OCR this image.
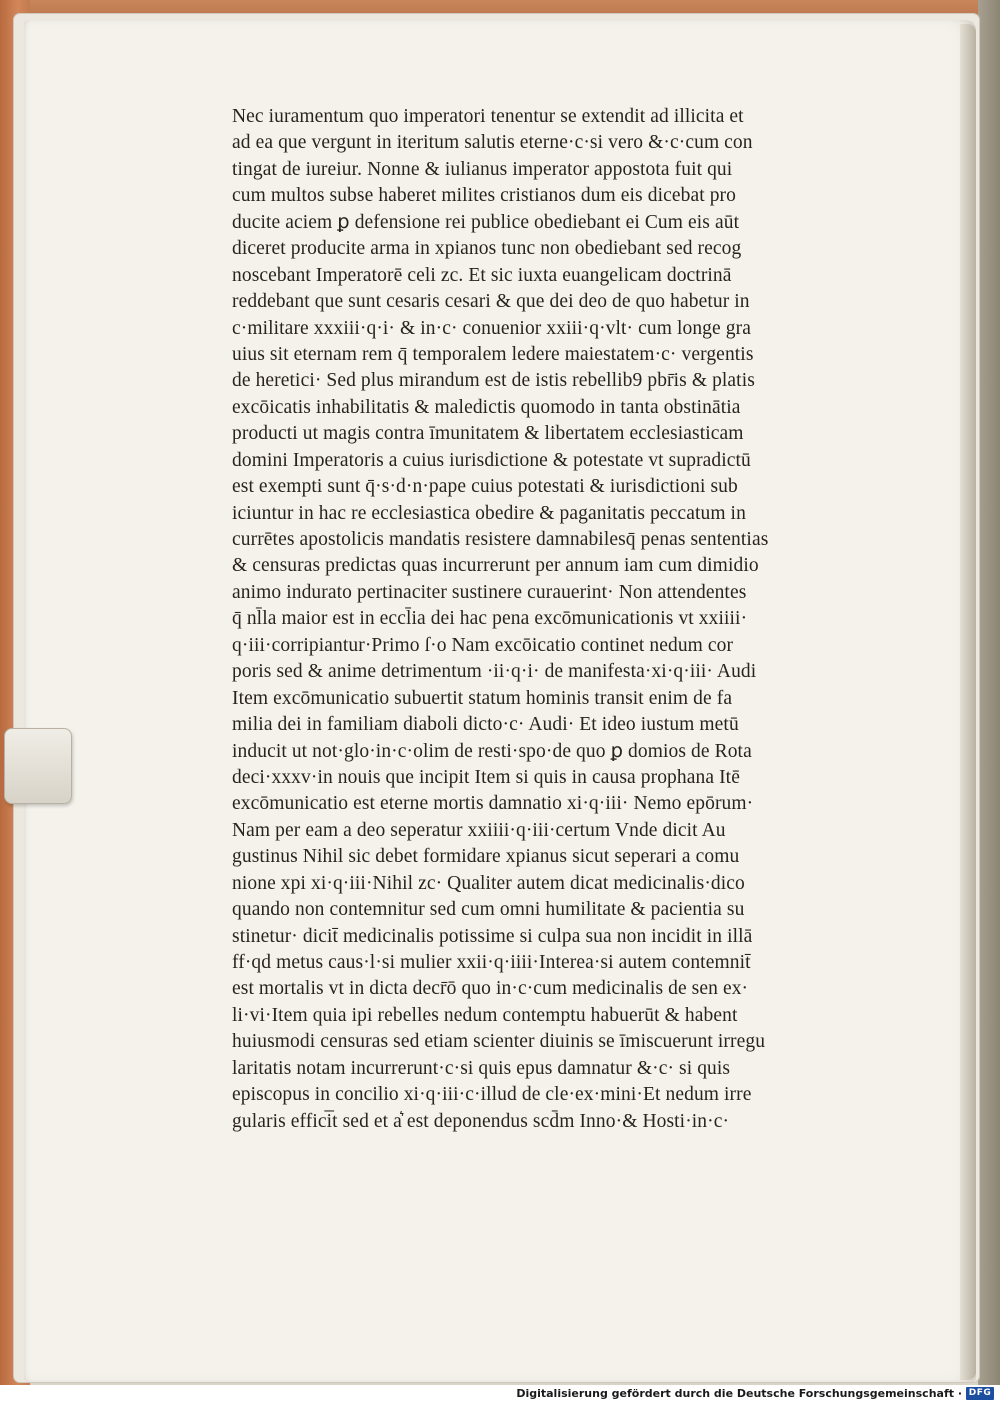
Nec iuramentum quo imperatori tenentur se extendit ad illicita et
ad ea que vergunt in iteritum salutis eterne·c·si vero &·c·cum con
tingat de iureiur. Nonne & iulianus imperator appostota fuit qui
cum multos subse haberet milites cristianos dum eis dicebat pro
ducite aciem ꝑ defensione rei publice obediebant ei Cum eis aūt
diceret producite arma in xpianos tunc non obediebant sed recog
noscebant Imperatorē celi zc. Et sic iuxta euangelicam doctrinā
reddebant que sunt cesaris cesari & que dei deo de quo habetur in
c·militare xxxiii·q·i· & in·c· conuenior xxiii·q·vlt· cum longe gra
uius sit eternam rem q̄ temporalem ledere maiestatem·c· vergentis
de heretici· Sed plus mirandum est de istis rebellib9 pbr̄is & platis
excōicatis inhabilitatis & maledictis quomodo in tanta obstinātia
producti ut magis contra īmunitatem & libertatem ecclesiasticam
domini Imperatoris a cuius iurisdictione & potestate vt supradictū
est exempti sunt q̄·s·d·n·pape cuius potestati & iurisdictioni sub
iciuntur in hac re ecclesiastica obedire & paganitatis peccatum in
currētes apostolicis mandatis resistere damnabilesq̄ penas sententias
& censuras predictas quas incurrerunt per annum iam cum dimidio
animo indurato pertinaciter sustinere curauerint· Non attendentes
q̄ nl̄la maior est in eccl̄ia dei hac pena excōmunicationis vt xxiiii·
q·iii·corripiantur·Primo ſ·o Nam excōicatio continet nedum cor
poris sed & anime detrimentum ·ii·q·i· de manifesta·xi·q·iii· Audi
Item excōmunicatio subuertit statum hominis transit enim de fa
milia dei in familiam diaboli dicto·c· Audi· Et ideo iustum metū
inducit ut not·glo·in·c·olim de resti·spo·de quo ꝑ domios de Rota
deci·xxxv·in nouis que incipit Item si quis in causa prophana Itē
excōmunicatio est eterne mortis damnatio xi·q·iii· Nemo epōrum·
Nam per eam a deo seperatur xxiiii·q·iii·certum Vnde dicit Au
gustinus Nihil sic debet formidare xpianus sicut seperari a comu
nione xpi xi·q·iii·Nihil zc· Qualiter autem dicat medicinalis·dico
quando non contemnitur sed cum omni humilitate & pacientia su
stinetur· dicit̄ medicinalis potissime si culpa sua non incidit in illā
ff·qd metus caus·l·si mulier xxii·q·iiii·Interea·si autem contemnit̄
est mortalis vt in dicta decr̄ō quo in·c·cum medicinalis de sen ex·
li·vi·Item quia ipi rebelles nedum contemptu habuerūt & habent
huiusmodi censuras sed etiam scienter diuinis se īmiscuerunt irregu
laritatis notam incurrerunt·c·si quis epus damnatur &·c· si quis
episcopus in concilio xi·q·iii·c·illud de cle·ex·mini·Et nedum irre
gularis effici̅t sed et a͛ est deponendus scd̄m Inno·& Hosti·in·c·
Digitalisierung gefördert durch die Deutsche Forschungsgemeinschaft · DFG
